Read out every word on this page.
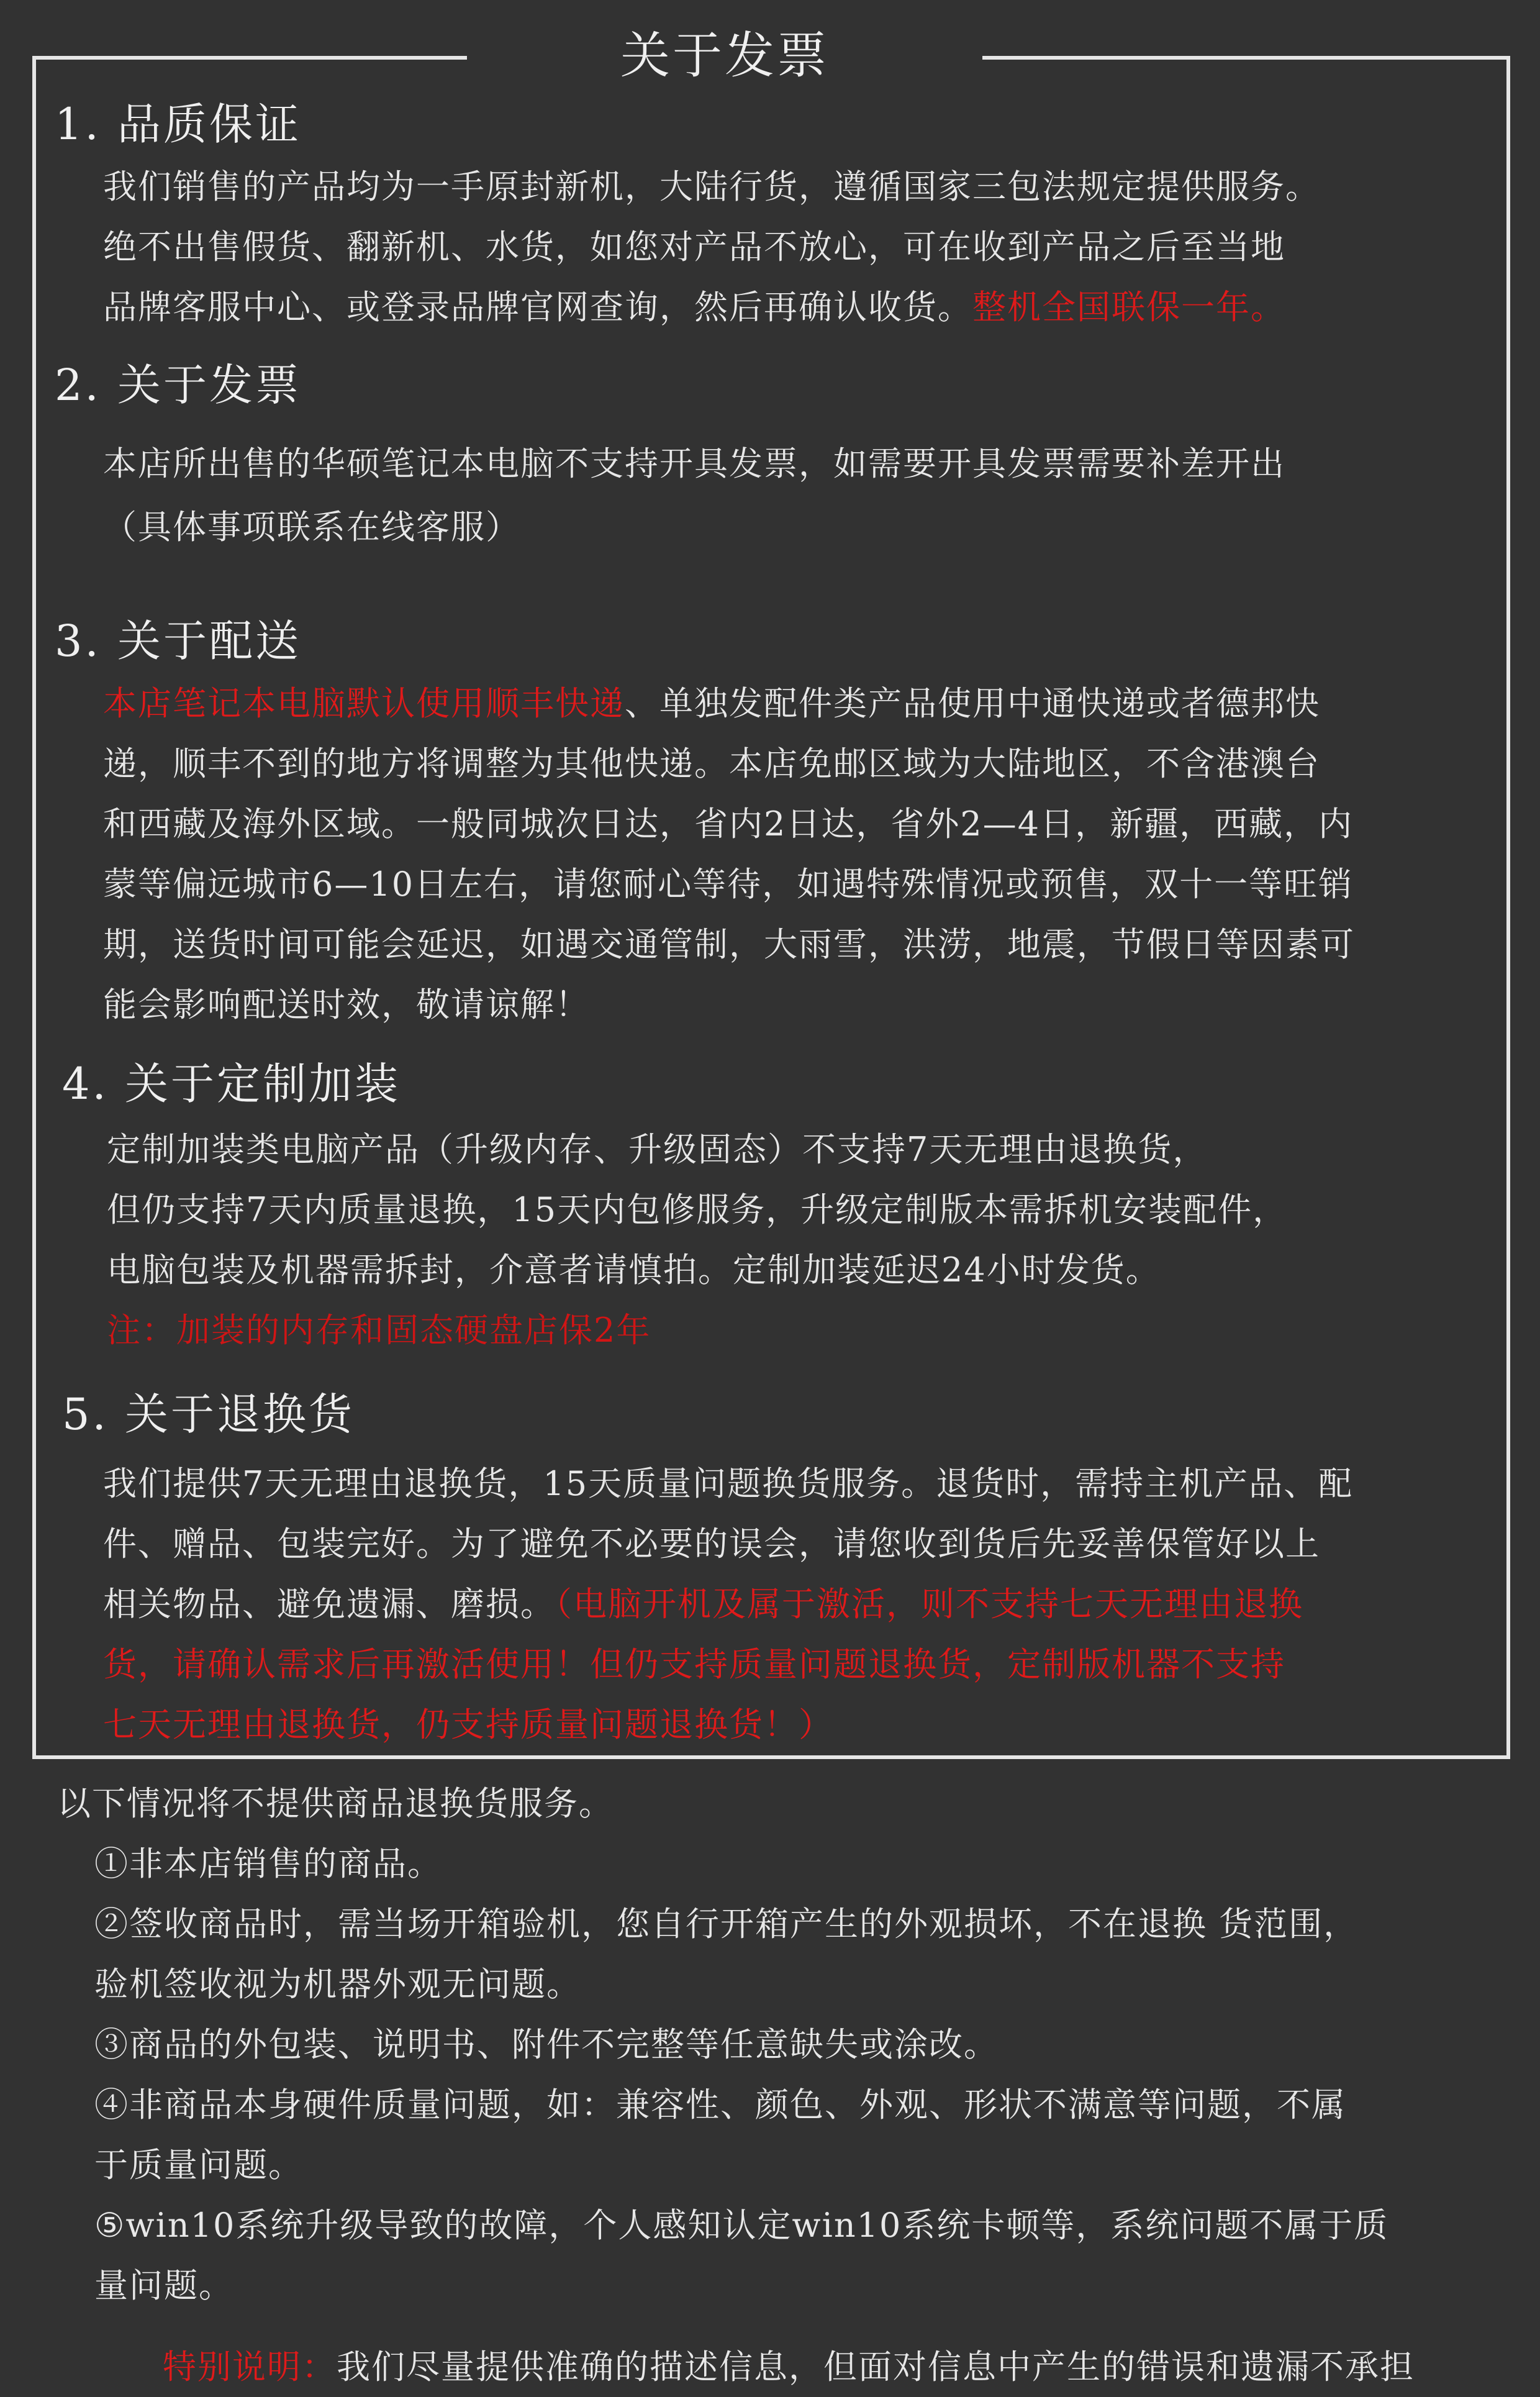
关于发票
1. 品质保证
我们销售的产品均为一手原封新机，大陆行货，遵循国家三包法规定提供服务。
绝不出售假货、翻新机、水货，如您对产品不放心，可在收到产品之后至当地
品牌客服中心、或登录品牌官网查询，然后再确认收货。整机全国联保一年。
2. 关于发票
本店所出售的华硕笔记本电脑不支持开具发票，如需要开具发票需要补差开出
（具体事项联系在线客服）
3. 关于配送
本店笔记本电脑默认使用顺丰快递、单独发配件类产品使用中通快递或者德邦快
递，顺丰不到的地方将调整为其他快递。本店免邮区域为大陆地区，不含港澳台
和西藏及海外区域。一般同城次日达，省内2日达，省外2—4日，新疆，西藏，内
蒙等偏远城市6—10日左右，请您耐心等待，如遇特殊情况或预售，双十一等旺销
期，送货时间可能会延迟，如遇交通管制，大雨雪，洪涝，地震，节假日等因素可
能会影响配送时效，敬请谅解！
4. 关于定制加装
定制加装类电脑产品（升级内存、升级固态）不支持7天无理由退换货，
但仍支持7天内质量退换，15天内包修服务，升级定制版本需拆机安装配件，
电脑包装及机器需拆封，介意者请慎拍。定制加装延迟24小时发货。
注：加装的内存和固态硬盘店保2年
5. 关于退换货
我们提供7天无理由退换货，15天质量问题换货服务。退货时，需持主机产品、配
件、赠品、包装完好。为了避免不必要的误会，请您收到货后先妥善保管好以上
相关物品、避免遗漏、磨损。（电脑开机及属于激活，则不支持七天无理由退换
货，请确认需求后再激活使用！但仍支持质量问题退换货，定制版机器不支持
七天无理由退换货，仍支持质量问题退换货！）
以下情况将不提供商品退换货服务。
①非本店销售的商品。
②签收商品时，需当场开箱验机，您自行开箱产生的外观损坏，不在退换 货范围，
验机签收视为机器外观无问题。
③商品的外包装、说明书、附件不完整等任意缺失或涂改。
④非商品本身硬件质量问题，如：兼容性、颜色、外观、形状不满意等问题，不属
于质量问题。
⑤win10系统升级导致的故障，个人感知认定win10系统卡顿等，系统问题不属于质
量问题。
特别说明：我们尽量提供准确的描述信息，但面对信息中产生的错误和遗漏不承担
